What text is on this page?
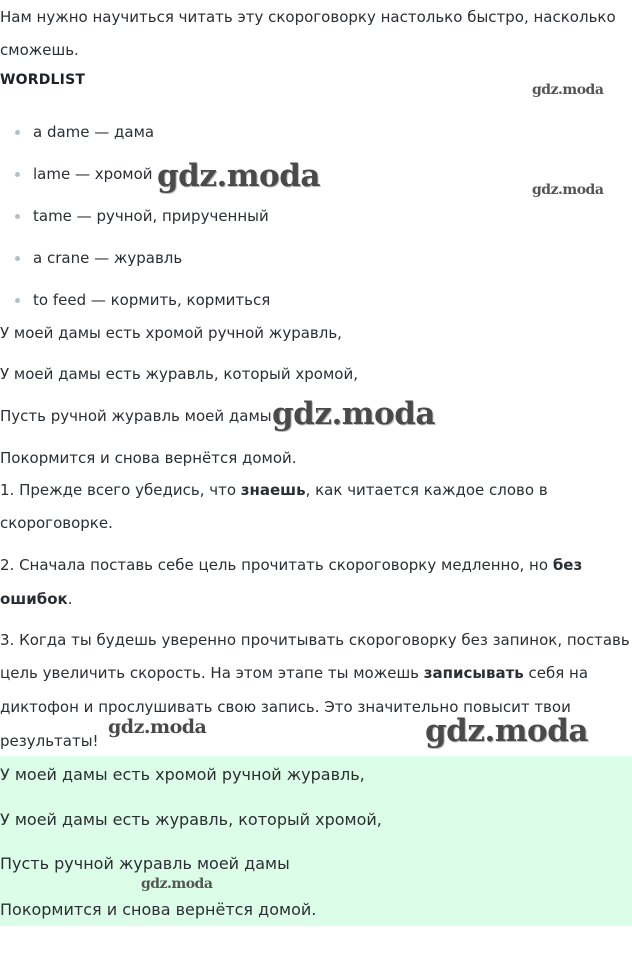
Нам нужно научиться читать эту скороговорку настолько быстро, насколько

сможешь.

WORDLIST
a dame — дама
lame — хромой
tame — ручной, прирученный
a crane — журавль
to feed — кормить, кормиться

У моей дамы есть хромой ручной журавль,

У моей дамы есть журавль, который хромой,

Пусть ручной журавль моей дамы

Покормится и снова вернётся домой.

1. Прежде всего убедись, что знаешь, как читается каждое слово в

скороговорке.

2. Сначала поставь себе цель прочитать скороговорку медленно, но без

ошибок.

3. Когда ты будешь уверенно прочитывать скороговорку без запинок, поставь

цель увеличить скорость. На этом этапе ты можешь записывать себя на

диктофон и прослушивать свою запись. Это значительно повысит твои

результаты!

У моей дамы есть хромой ручной журавль,

У моей дамы есть журавль, который хромой,

Пусть ручной журавль моей дамы

Покормится и снова вернётся домой.

gdz.moda
gdz.moda	gdz.moda
gdz.moda
gdz.moda	gdz.moda
gdz.moda
